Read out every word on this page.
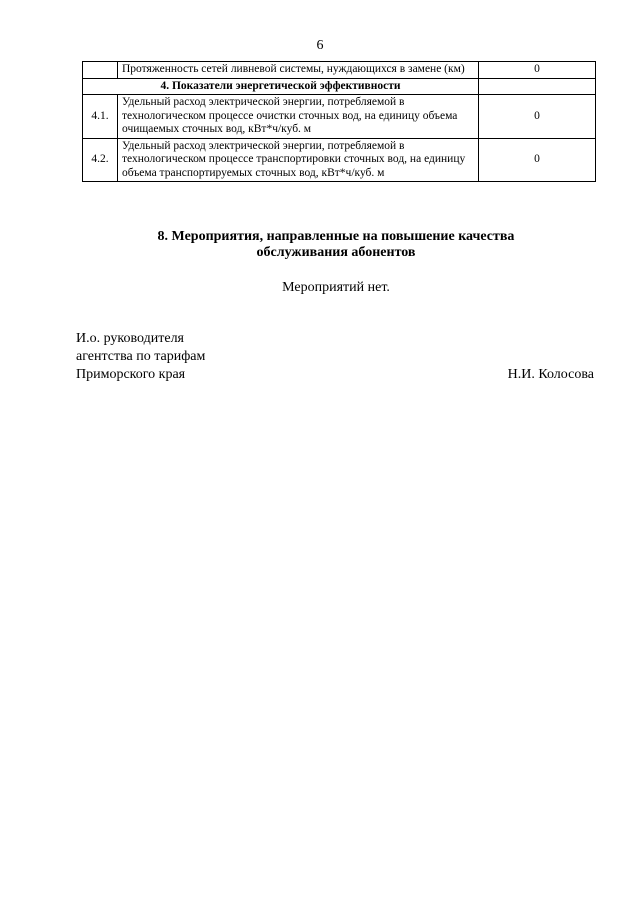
6
	Протяженность сетей ливневой системы, нуждающихся в замене (км)	0
4. Показатели энергетической эффективности		
4.1.	Удельный расход электрической энергии, потребляемой в технологическом процессе очистки сточных вод, на единицу объема очищаемых сточных вод, кВт*ч/куб. м	0
4.2.	Удельный расход электрической энергии, потребляемой в технологическом процессе транспортировки сточных вод, на единицу объема транспортируемых сточных вод, кВт*ч/куб. м	0
8. Мероприятия, направленные на повышение качества
обслуживания абонентов
Мероприятий нет.
И.о. руководителя
агентства по тарифам
Приморского края	Н.И. Колосова
